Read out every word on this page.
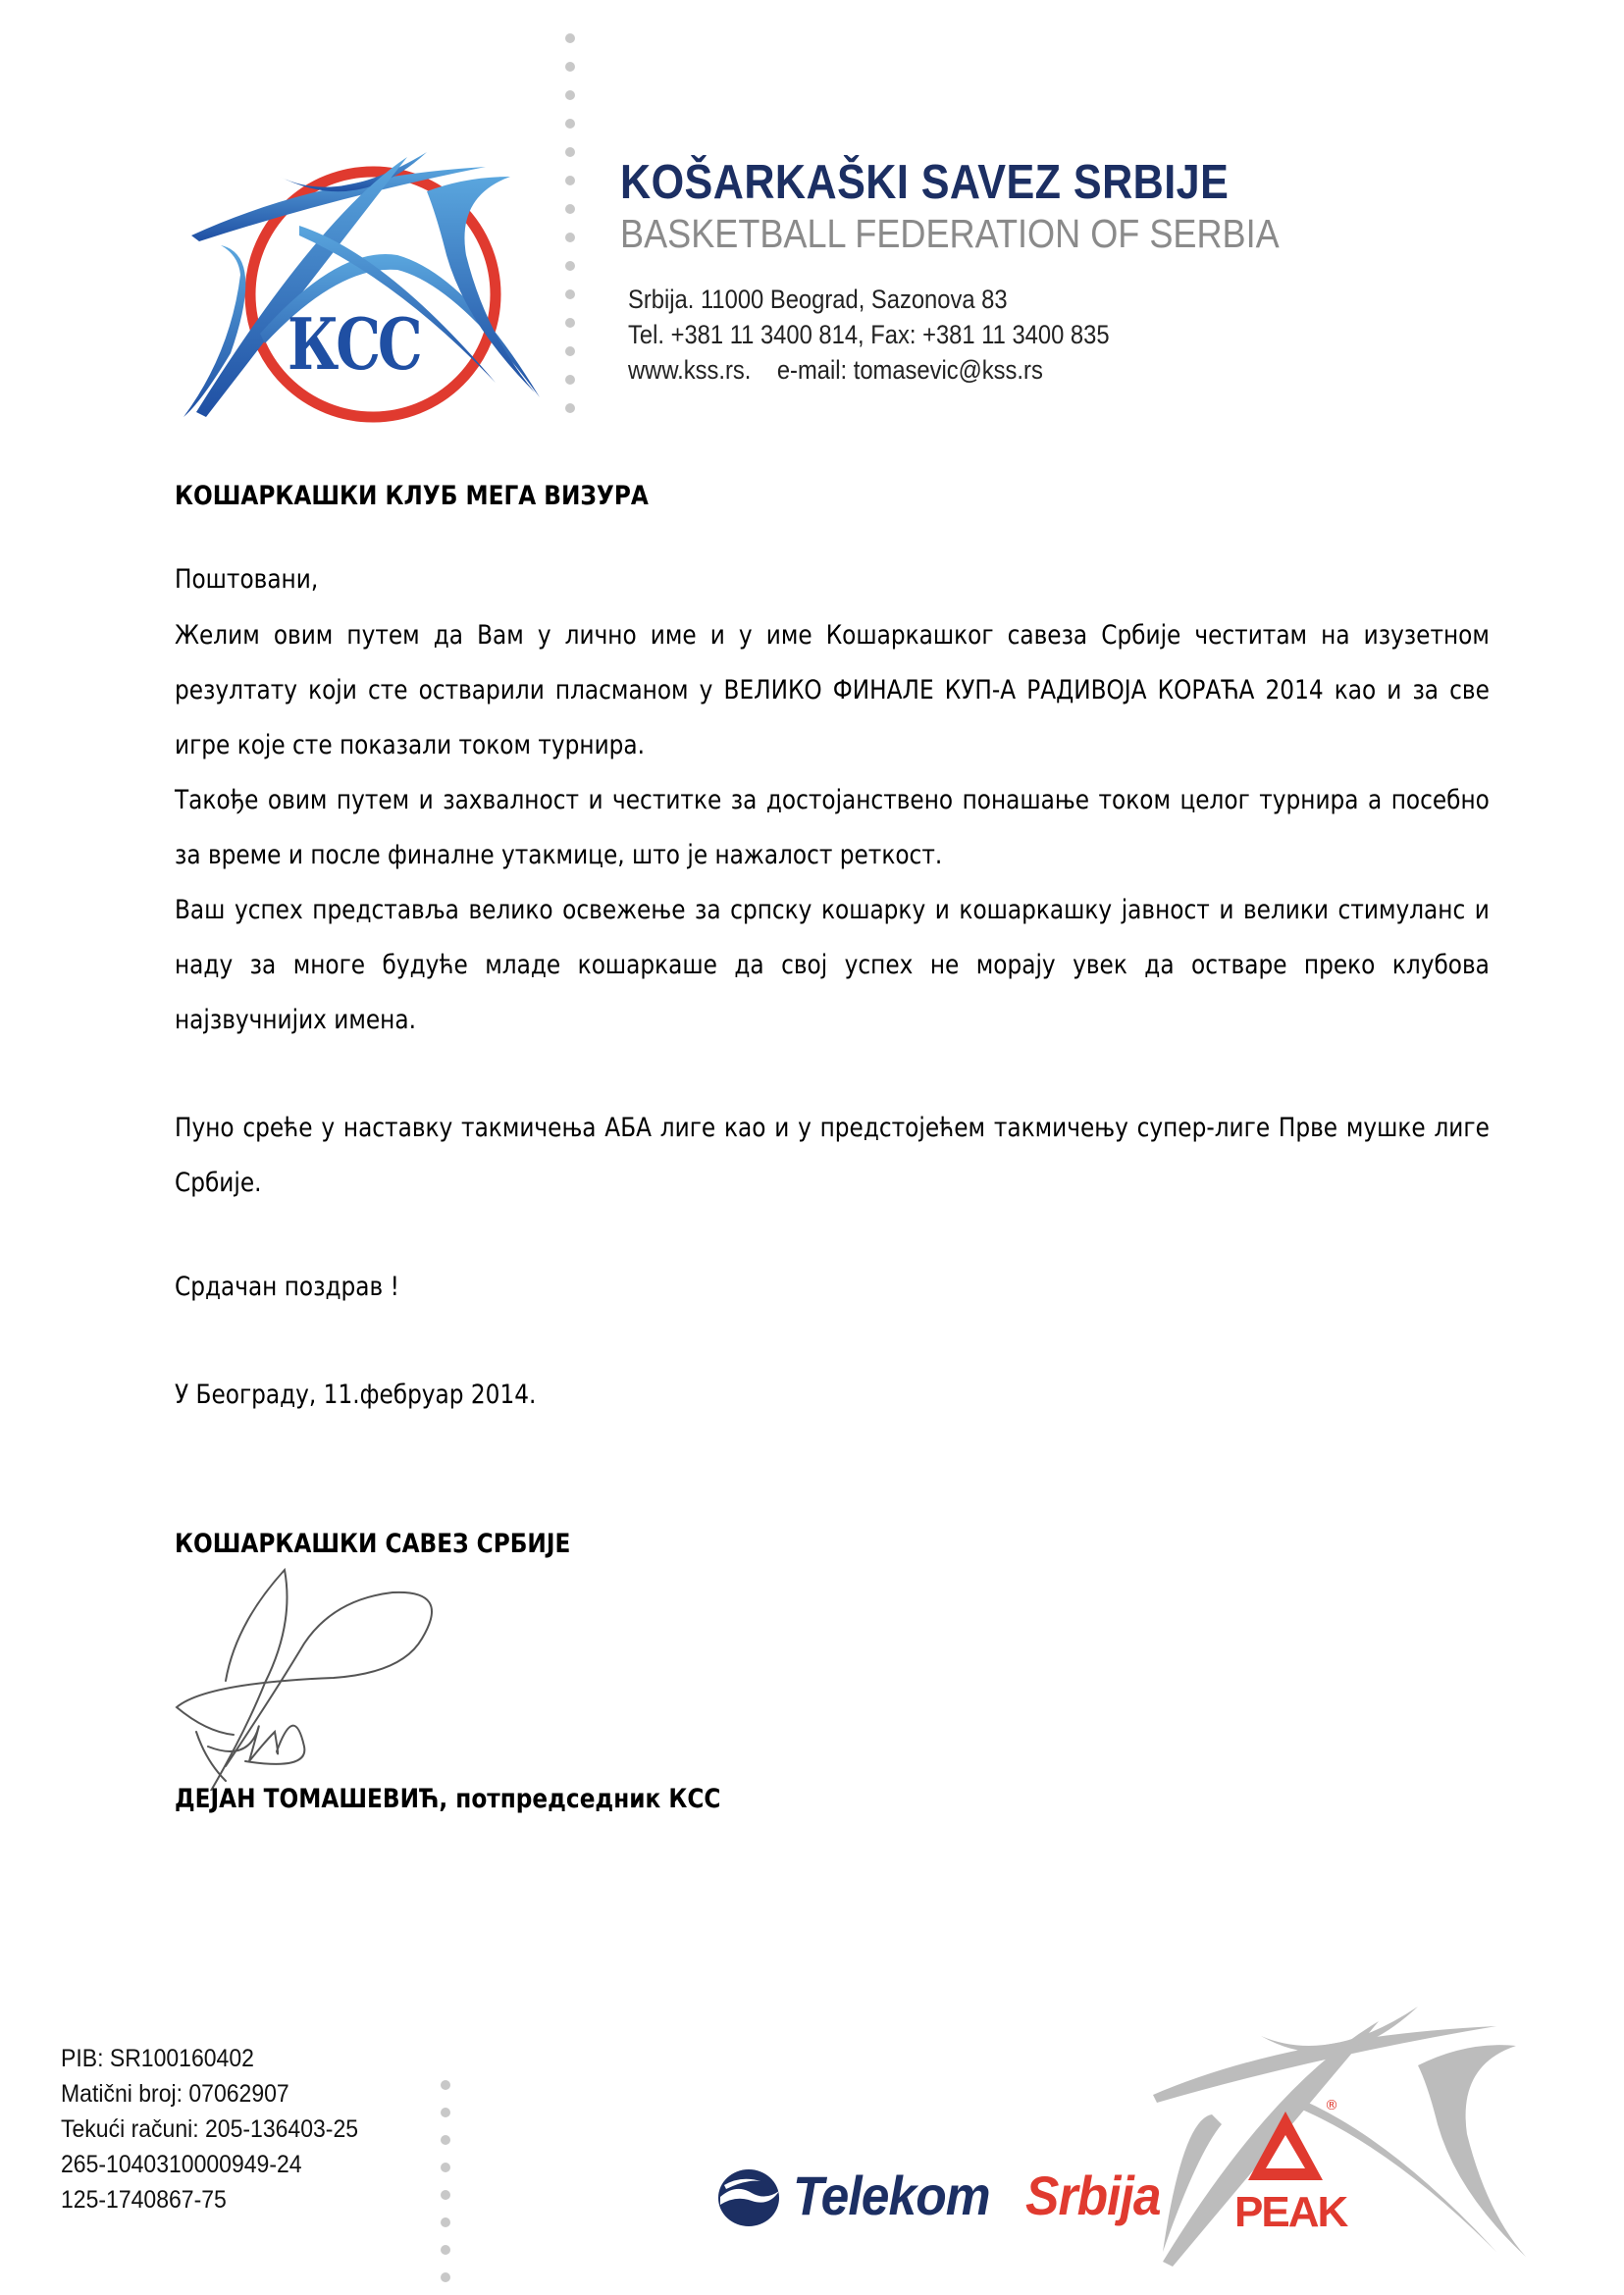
КСС
KOŠARKAŠKI SAVEZ SRBIJE
BASKETBALL FEDERATION OF SERBIA
Srbija. 11000 Beograd, Sazonova 83
Tel. +381 11 3400 814, Fax: +381 11 3400 835
www.kss.rs. e-mail: tomasevic@kss.rs
КОШАРКАШКИ КЛУБ МЕГА ВИЗУРА
Поштовани,
Желим овим путем да Вам у лично име и у име Кошаркашког савеза Србије честитам на изузетном резултату који сте остварили пласманом у ВЕЛИКО ФИНАЛЕ КУП-А РАДИВОЈА КОРАЋА 2014 као и за све игре које сте показали током турнира.
Такође овим путем и захвалност и честитке за достојанствено понашање током целог турнира а посебно за време и после финалне утакмице, што је нажалост реткост.
Ваш успех представља велико освежење за српску кошарку и кошаркашку јавност и велики стимуланс и наду за многе будуће младе кошаркаше да свој успех не морају увек да остваре преко клубова најзвучнијих имена.
Пуно среће у наставку такмичења АБА лиге као и у предстојећем такмичењу супер-лиге Прве мушке лиге Србије.
Срдачан поздрав !
У Београду, 11.фебруар 2014.
КОШАРКАШКИ САВЕЗ СРБИЈЕ
ДЕЈАН ТОМАШЕВИЋ, потпредседник КСС
PIB: SR100160402
Matični broj: 07062907
Tekući računi: 205-136403-25
265-1040310000949-24
125-1740867-75	Telekom Srbija
®
PEAK
